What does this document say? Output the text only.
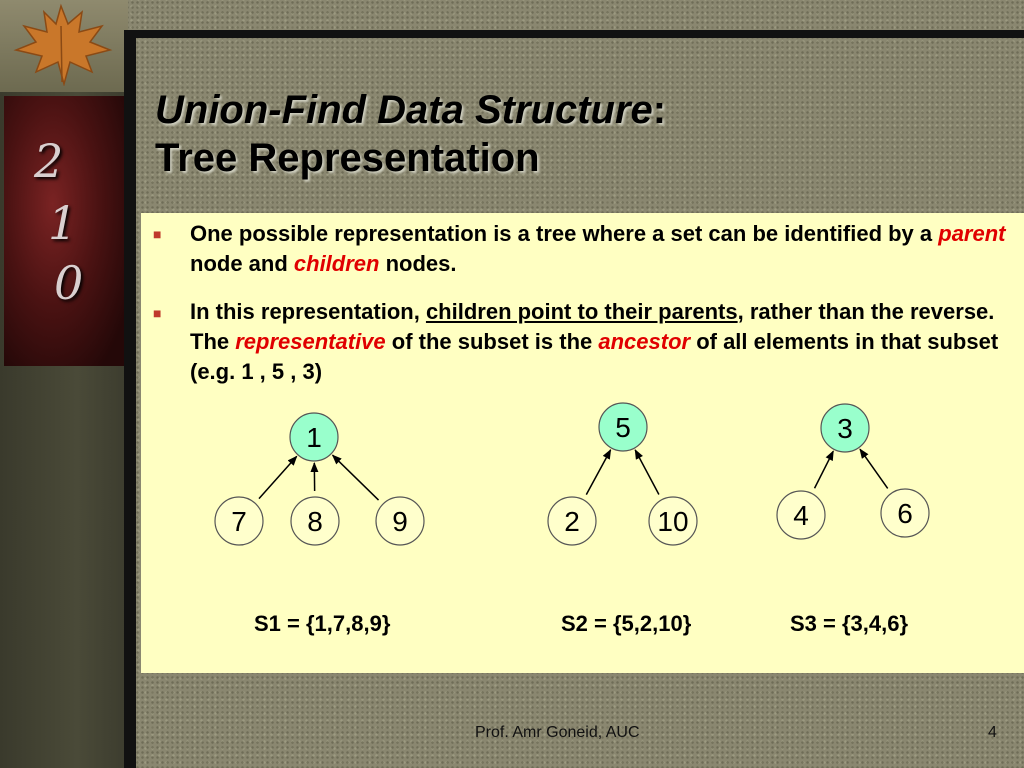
2
1
0
Union-Find Data Structure:
Tree Representation
■ One possible representation is a tree where a set can be identified by a parent node and children nodes.
■ In this representation, children point to their parents, rather than the reverse. The representative of the subset is the ancestor of all elements in that subset (e.g. 1 , 5 , 3)
1
7 8 9
5
2	10
3
4	6
S1 = {1,7,8,9}	S2 = {5,2,10}	S3 = {3,4,6}
Prof. Amr Goneid, AUC	4
